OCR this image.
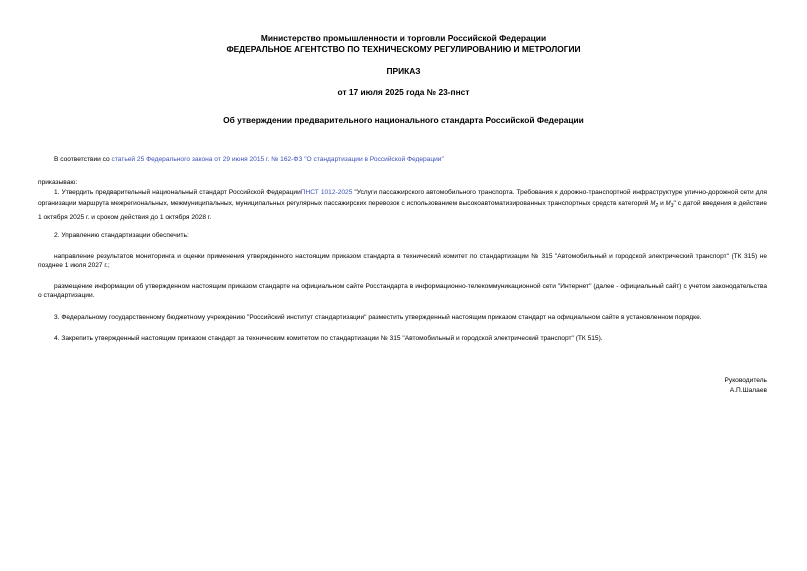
Министерство промышленности и торговли Российской Федерации
ФЕДЕРАЛЬНОЕ АГЕНТСТВО ПО ТЕХНИЧЕСКОМУ РЕГУЛИРОВАНИЮ И МЕТРОЛОГИИ
ПРИКАЗ
от 17 июля 2025 года № 23-пнст
Об утверждении предварительного национального стандарта Российской Федерации
В соответствии со статьей 25 Федерального закона от 29 июня 2015 г. № 162-ФЗ "О стандартизации в Российской Федерации"
приказываю:
1. Утвердить предварительный национальный стандарт Российской ФедерацииПНСТ 1012-2025 "Услуги пассажирского автомобильного транспорта. Требования к дорожно-транспортной инфраструктуре улично-дорожной сети для организации маршрута межрегиональных, межмуниципальных, муниципальных регулярных пассажирских перевозок с использованием высокоавтоматизированных транспортных средств категорий $M_2$ и $M_3$" с датой введения в действие 1 октября 2025 г. и сроком действия до 1 октября 2028 г.
2. Управлению стандартизации обеспечить:
направление результатов мониторинга и оценки применения утвержденного настоящим приказом стандарта в технический комитет по стандартизации № 315 "Автомобильный и городской электрический транспорт" (ТК 315) не позднее 1 июля 2027 г.;
размещение информации об утвержденном настоящим приказом стандарте на официальном сайте Росстандарта в информационно-телекоммуникационной сети "Интернет" (далее - официальный сайт) с учетом законодательства о стандартизации.
3. Федеральному государственному бюджетному учреждению "Российский институт стандартизации" разместить утвержденный настоящим приказом стандарт на официальном сайте в установленном порядке.
4. Закрепить утвержденный настоящим приказом стандарт за техническим комитетом по стандартизации № 315 "Автомобильный и городской электрический транспорт" (ТК 515).
Руководитель
А.П.Шалаев
